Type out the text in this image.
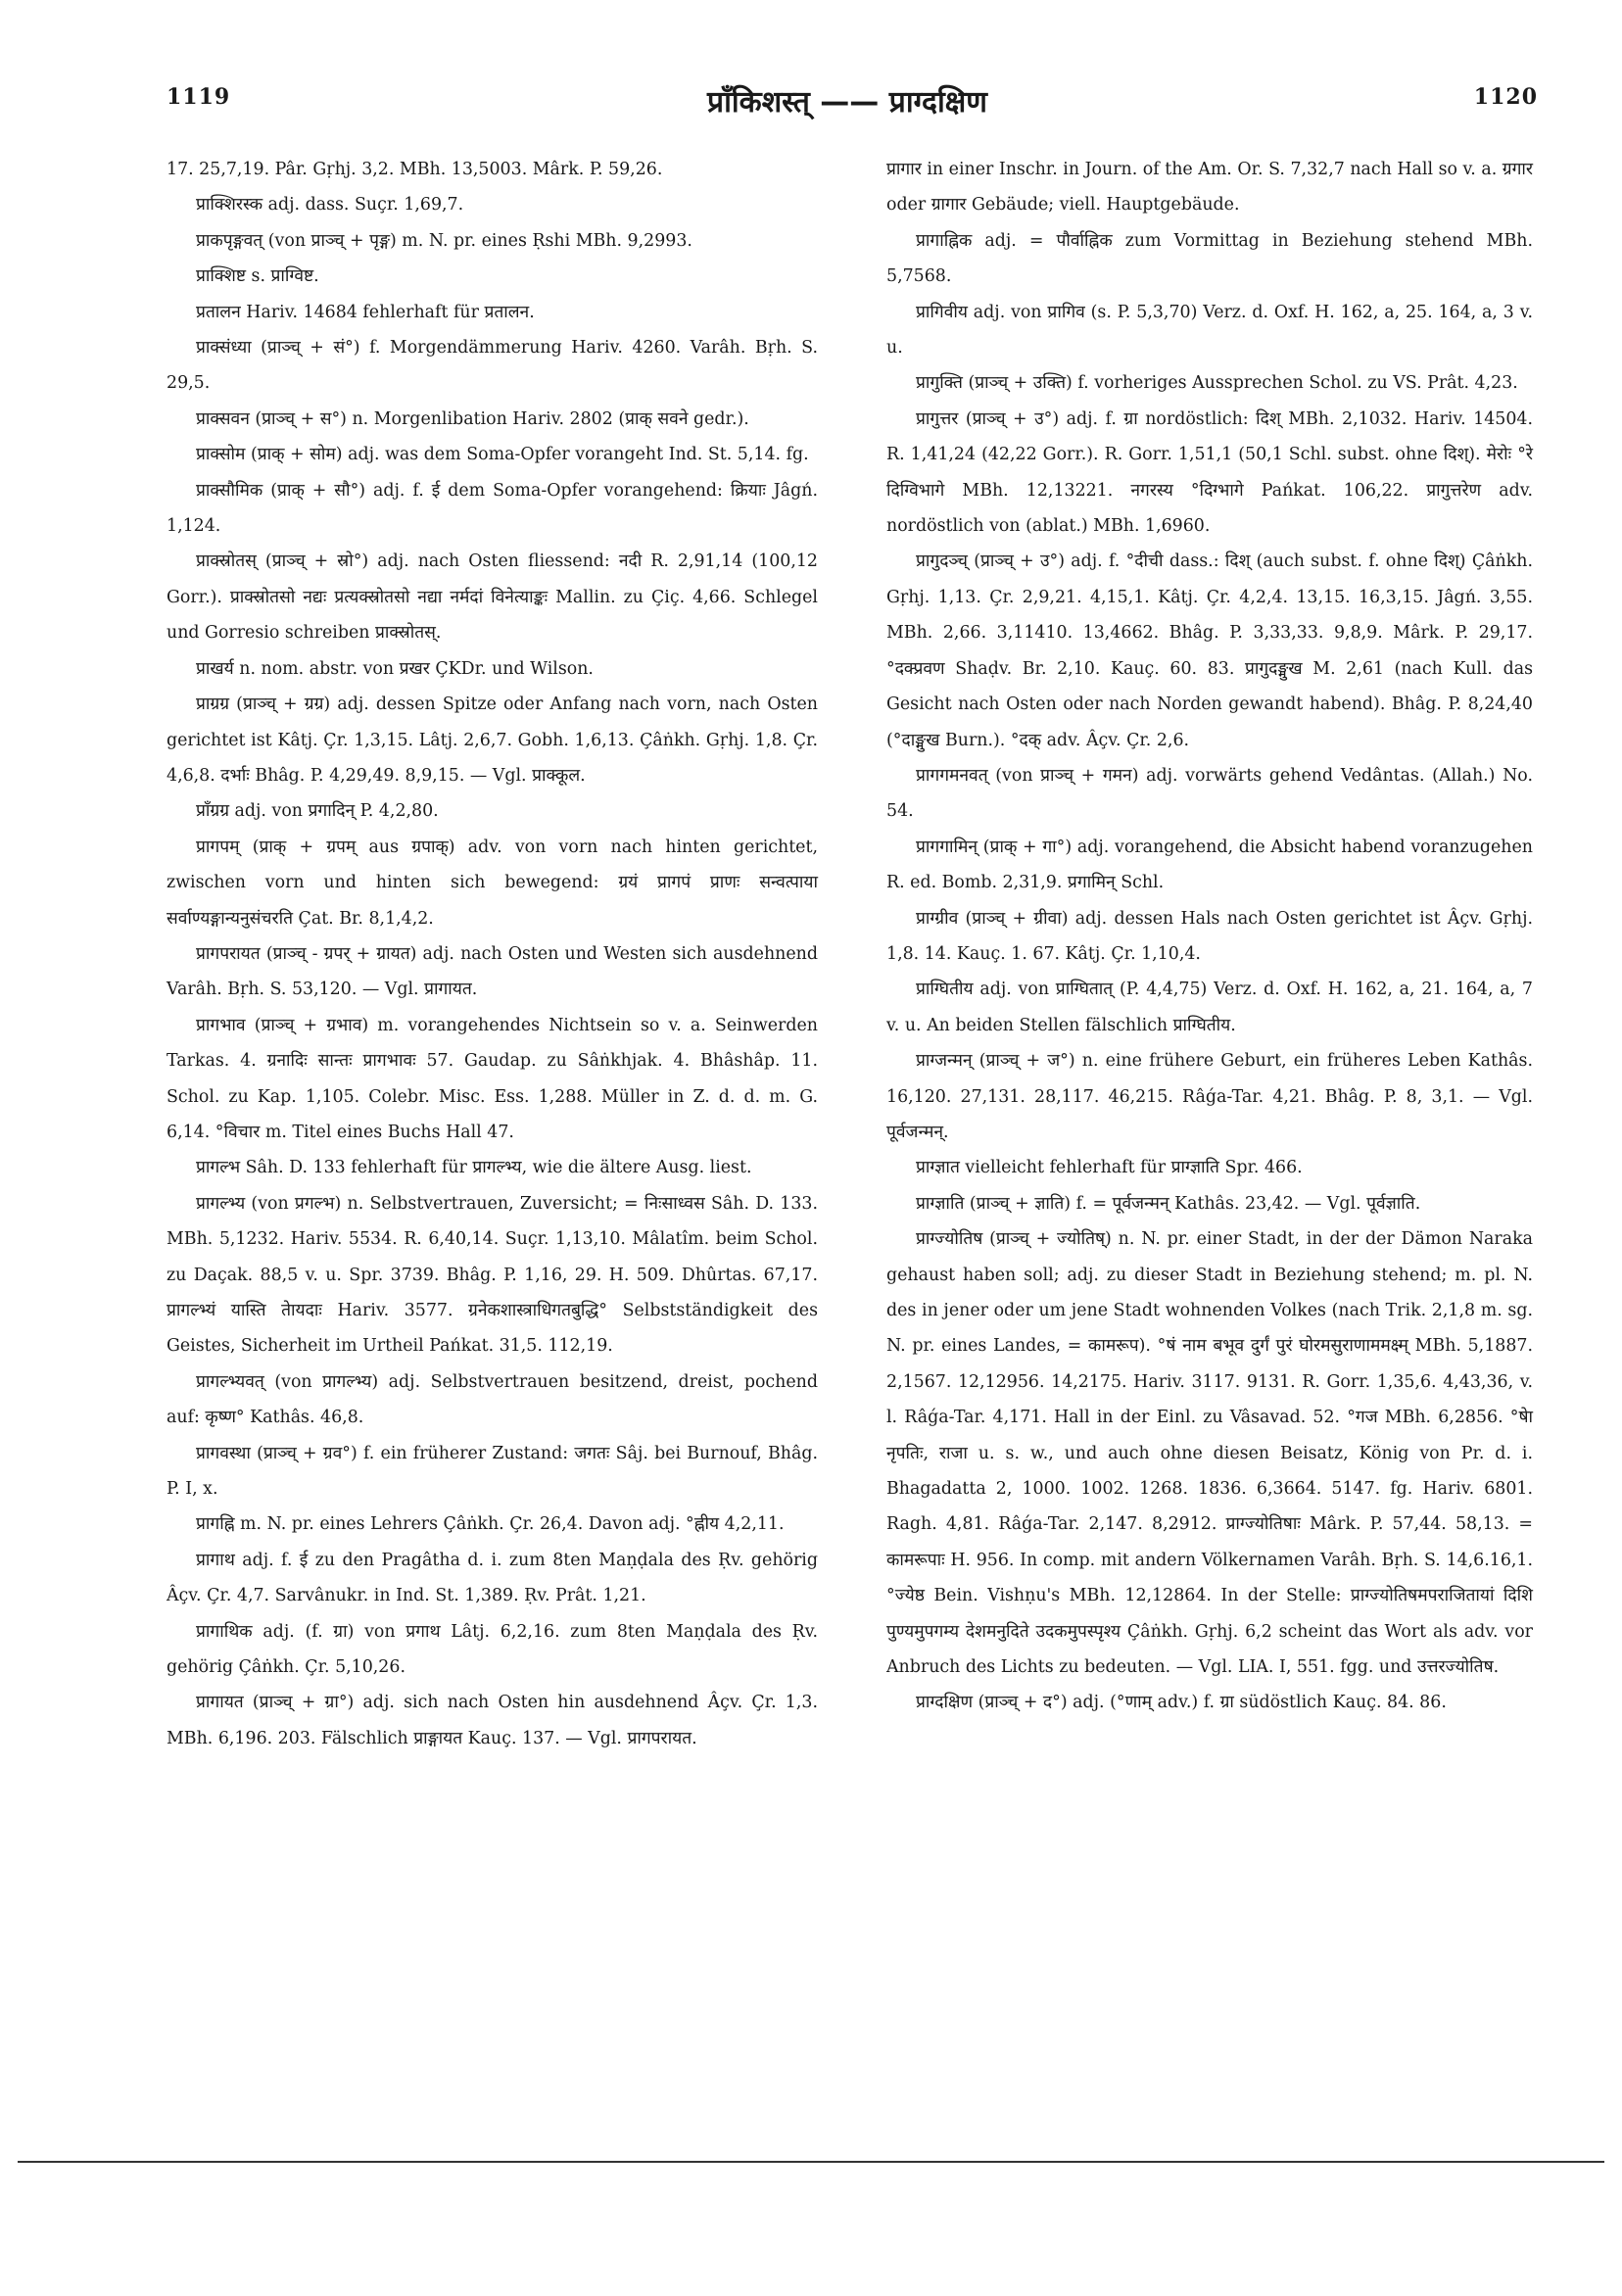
1119	प्राँकिशस्त् —— प्राग्दक्षिण	1120

17. 25,7,19. Pâr. Gṛhj. 3,2. MBh. 13,5003. Mârk. P. 59,26.

प्राक्शिरस्क adj. dass. Suçr. 1,69,7.

प्राकपृङ्गवत् (von प्राञ्च् + पृङ्ग) m. N. pr. eines Ṛshi MBh. 9,2993.

प्राक्शिष्ट s. प्राग्विष्ट.

प्रतालन Hariv. 14684 fehlerhaft für प्रतालन.

प्राक्संध्या (प्राञ्च् + सं°) f. Morgendämmerung Hariv. 4260. Varâh. Bṛh. S. 29,5.

प्राक्सवन (प्राञ्च् + स°) n. Morgenlibation Hariv. 2802 (प्राक् सवने gedr.).

प्राक्सोम (प्राक् + सोम) adj. was dem Soma-Opfer vorangeht Ind. St. 5,14. fg.

प्राक्सौमिक (प्राक् + सौ°) adj. f. ई dem Soma-Opfer vorangehend: क्रियाः Jâgń. 1,124.

प्राक्स्रोतस् (प्राञ्च् + स्रो°) adj. nach Osten fliessend: नदी R. 2,91,14 (100,12 Gorr.). प्राक्स्रोतसो नद्यः प्रत्यक्स्रोतसो नद्या नर्मदां विनेत्याङ्कः Mallin. zu Çiç. 4,66. Schlegel und Gorresio schreiben प्राक्स्रोतस्.

प्राखर्य n. nom. abstr. von प्रखर ÇKDr. und Wilson.

प्राग्रग्र (प्राञ्च् + ग्रग्र) adj. dessen Spitze oder Anfang nach vorn, nach Osten gerichtet ist Kâtj. Çr. 1,3,15. Lâtj. 2,6,7. Gobh. 1,6,13. Çâṅkh. Gṛhj. 1,8. Çr. 4,6,8. दर्भाः Bhâg. P. 4,29,49. 8,9,15. — Vgl. प्राक्कूल.

प्राँग्रग्र adj. von प्रगादिन् P. 4,2,80.

प्रागपम् (प्राक् + ग्रपम् aus ग्रपाक्) adv. von vorn nach hinten gerichtet, zwischen vorn und hinten sich bewegend: ग्रयं प्रागपं प्राणः सन्वत्पाया सर्वाण्यङ्गान्यनुसंचरति Çat. Br. 8,1,4,2.

प्रागपरायत (प्राञ्च् - ग्रपर् + ग्रायत) adj. nach Osten und Westen sich ausdehnend Varâh. Bṛh. S. 53,120. — Vgl. प्रागायत.

प्रागभाव (प्राञ्च् + ग्रभाव) m. vorangehendes Nichtsein so v. a. Seinwerden Tarkas. 4. ग्रनादिः सान्तः प्रागभावः 57. Gaudap. zu Sâṅkhjak. 4. Bhâshâp. 11. Schol. zu Kap. 1,105. Colebr. Misc. Ess. 1,288. Müller in Z. d. d. m. G. 6,14. °विचार m. Titel eines Buchs Hall 47.

प्रागल्भ Sâh. D. 133 fehlerhaft für प्रागल्भ्य, wie die ältere Ausg. liest.

प्रागल्भ्य (von प्रगल्भ) n. Selbstvertrauen, Zuversicht; = निःसाध्वस Sâh. D. 133. MBh. 5,1232. Hariv. 5534. R. 6,40,14. Suçr. 1,13,10. Mâlatîm. beim Schol. zu Daçak. 88,5 v. u. Spr. 3739. Bhâg. P. 1,16, 29. H. 509. Dhûrtas. 67,17. प्रागल्भ्यं यास्ति तेायदाः Hariv. 3577. ग्रनेकशास्त्राधिगतबुद्धि° Selbstständigkeit des Geistes, Sicherheit im Urtheil Pańkat. 31,5. 112,19.

प्रागल्भ्यवत् (von प्रागल्भ्य) adj. Selbstvertrauen besitzend, dreist, pochend auf: कृष्ण° Kathâs. 46,8.

प्रागवस्था (प्राञ्च् + ग्रव°) f. ein früherer Zustand: जगतः Sâj. bei Burnouf, Bhâg. P. I, x.

प्रागह्नि m. N. pr. eines Lehrers Çâṅkh. Çr. 26,4. Davon adj. °ह्नीय 4,2,11.

प्रागाथ adj. f. ई zu den Pragâtha d. i. zum 8ten Maṇḍala des Ṛv. gehörig Âçv. Çr. 4,7. Sarvânukr. in Ind. St. 1,389. Ṛv. Prât. 1,21.

प्रागाथिक adj. (f. ग्रा) von प्रगाथ Lâtj. 6,2,16. zum 8ten Maṇḍala des Ṛv. gehörig Çâṅkh. Çr. 5,10,26.

प्रागायत (प्राञ्च् + ग्रा°) adj. sich nach Osten hin ausdehnend Âçv. Çr. 1,3. MBh. 6,196. 203. Fälschlich प्राङ्गायत Kauç. 137. — Vgl. प्रागपरायत.

प्रागार in einer Inschr. in Journ. of the Am. Or. S. 7,32,7 nach Hall so v. a. ग्रगार oder ग्रागार Gebäude; viell. Hauptgebäude.

प्रागाह्निक adj. = पौर्वाह्निक zum Vormittag in Beziehung stehend MBh. 5,7568.

प्रागिवीय adj. von प्रागिव (s. P. 5,3,70) Verz. d. Oxf. H. 162, a, 25. 164, a, 3 v. u.

प्रागुक्ति (प्राञ्च् + उक्ति) f. vorheriges Aussprechen Schol. zu VS. Prât. 4,23.

प्रागुत्तर (प्राञ्च् + उ°) adj. f. ग्रा nordöstlich: दिश् MBh. 2,1032. Hariv. 14504. R. 1,41,24 (42,22 Gorr.). R. Gorr. 1,51,1 (50,1 Schl. subst. ohne दिश्). मेरोः °रे दिग्विभागे MBh. 12,13221. नगरस्य °दिग्भागे Pańkat. 106,22. प्रागुत्तरेण adv. nordöstlich von (ablat.) MBh. 1,6960.

प्रागुदञ्च् (प्राञ्च् + उ°) adj. f. °दीची dass.: दिश् (auch subst. f. ohne दिश्) Çâṅkh. Gṛhj. 1,13. Çr. 2,9,21. 4,15,1. Kâtj. Çr. 4,2,4. 13,15. 16,3,15. Jâgń. 3,55. MBh. 2,66. 3,11410. 13,4662. Bhâg. P. 3,33,33. 9,8,9. Mârk. P. 29,17. °दक्प्रवण Shaḍv. Br. 2,10. Kauç. 60. 83. प्रागुदङ्मुख M. 2,61 (nach Kull. das Gesicht nach Osten oder nach Norden gewandt habend). Bhâg. P. 8,24,40 (°दाङ्मुख Burn.). °दक् adv. Âçv. Çr. 2,6.

प्रागगमनवत् (von प्राञ्च् + गमन) adj. vorwärts gehend Vedântas. (Allah.) No. 54.

प्रागगामिन् (प्राक् + गा°) adj. vorangehend, die Absicht habend voranzugehen R. ed. Bomb. 2,31,9. प्रगामिन् Schl.

प्राग्ग्रीव (प्राञ्च् + ग्रीवा) adj. dessen Hals nach Osten gerichtet ist Âçv. Gṛhj. 1,8. 14. Kauç. 1. 67. Kâtj. Çr. 1,10,4.

प्राग्घितीय adj. von प्राग्घितात् (P. 4,4,75) Verz. d. Oxf. H. 162, a, 21. 164, a, 7 v. u. An beiden Stellen fälschlich प्राग्घितीय.

प्राग्जन्मन् (प्राञ्च् + ज°) n. eine frühere Geburt, ein früheres Leben Kathâs. 16,120. 27,131. 28,117. 46,215. Râǵa-Tar. 4,21. Bhâg. P. 8, 3,1. — Vgl. पूर्वजन्मन्.

प्राग्ज्ञात vielleicht fehlerhaft für प्राग्ज्ञाति Spr. 466.

प्राग्ज्ञाति (प्राञ्च् + ज्ञाति) f. = पूर्वजन्मन् Kathâs. 23,42. — Vgl. पूर्वज्ञाति.

प्राग्ज्योतिष (प्राञ्च् + ज्योतिष्) n. N. pr. einer Stadt, in der der Dämon Naraka gehaust haben soll; adj. zu dieser Stadt in Beziehung stehend; m. pl. N. des in jener oder um jene Stadt wohnenden Volkes (nach Trik. 2,1,8 m. sg. N. pr. eines Landes, = कामरूप). °षं नाम बभूव दुर्गं पुरं घोरमसुराणाममक्ष्म् MBh. 5,1887. 2,1567. 12,12956. 14,2175. Hariv. 3117. 9131. R. Gorr. 1,35,6. 4,43,36, v. l. Râǵa-Tar. 4,171. Hall in der Einl. zu Vâsavad. 52. °गज MBh. 6,2856. °षेा नृपतिः, राजा u. s. w., und auch ohne diesen Beisatz, König von Pr. d. i. Bhagadatta 2, 1000. 1002. 1268. 1836. 6,3664. 5147. fg. Hariv. 6801. Ragh. 4,81. Râǵa-Tar. 2,147. 8,2912. प्राग्ज्योतिषाः Mârk. P. 57,44. 58,13. = कामरूपाः H. 956. In comp. mit andern Völkernamen Varâh. Bṛh. S. 14,6.16,1. °ज्येष्ठ Bein. Vishṇu's MBh. 12,12864. In der Stelle: प्राग्ज्योतिषमपराजितायां दिशि पुण्यमुपगम्य देशमनुदिते उदकमुपस्पृश्य Çâṅkh. Gṛhj. 6,2 scheint das Wort als adv. vor Anbruch des Lichts zu bedeuten. — Vgl. LIA. I, 551. fgg. und उत्तरज्योतिष.

प्राग्दक्षिण (प्राञ्च् + द°) adj. (°णाम् adv.) f. ग्रा südöstlich Kauç. 84. 86.
